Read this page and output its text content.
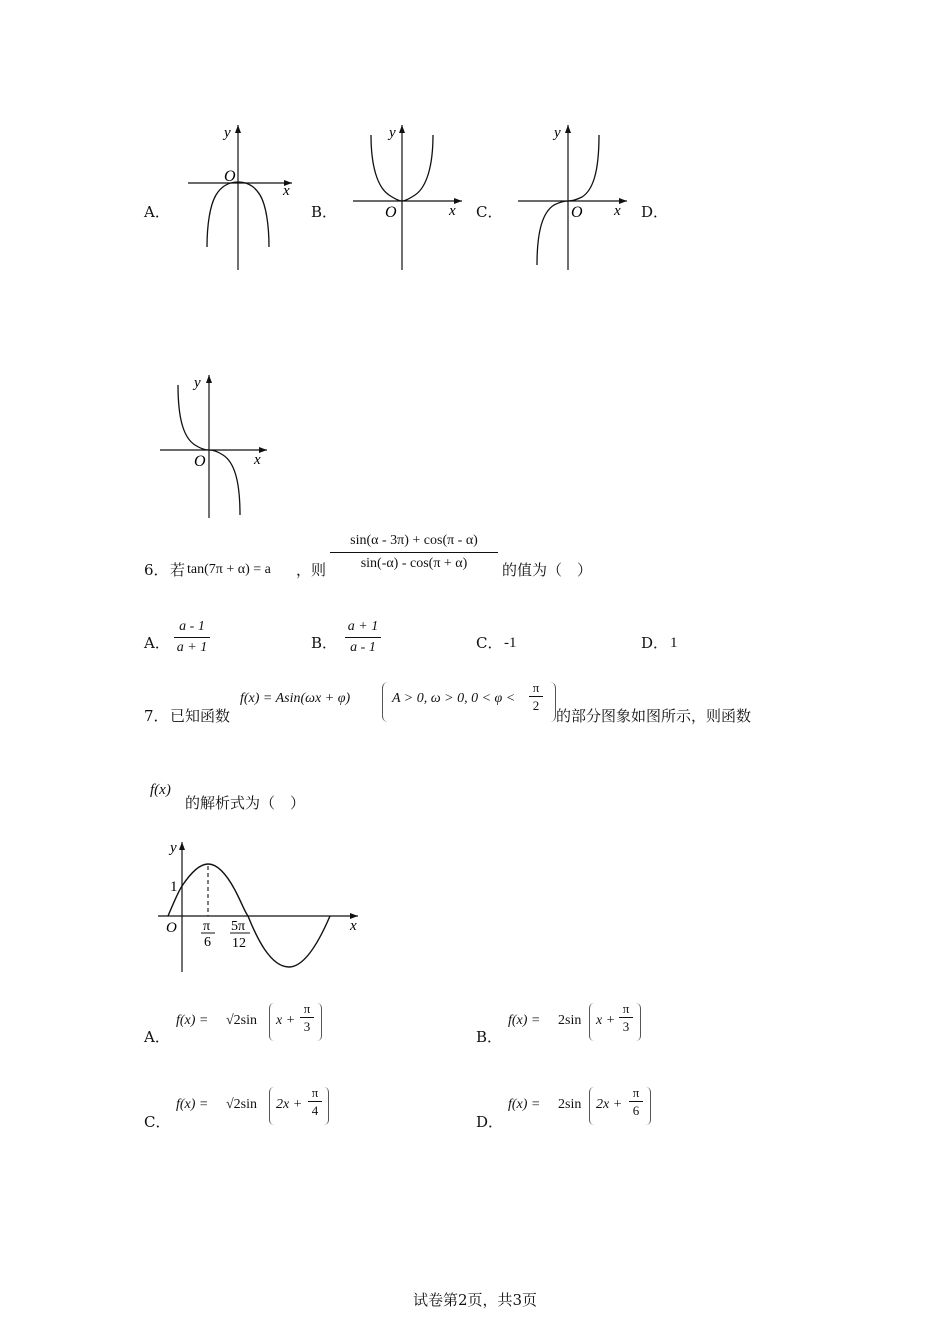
A．	B．	C．	D．
O
x
y
O	x
y
O x
y
O	x
y
6． 若 tan(7π + α) = a ，则
sin(α - 3π) + cos(π - α)
sin(-α) - cos(π + α)	的值为（　）
A．
a - 1
a + 1	B．
a + 1
a - 1	C． -1	D． 1
7． 已知函数
f(x) = Asin(ωx + φ)	A > 0, ω > 0, 0 < φ <
π
2
的部分图象如图所示，则函数
f(x)
的解析式为（　）
y
x
O
1
π
6
5π
12
A．
f(x) = √2sin x +
π
3
B．
f(x) = 2sin x +
π
3
C．
f(x) = √2sin 2x +
π
4
D．
f(x) = 2sin 2x +
π
6
试卷第2页，共3页
